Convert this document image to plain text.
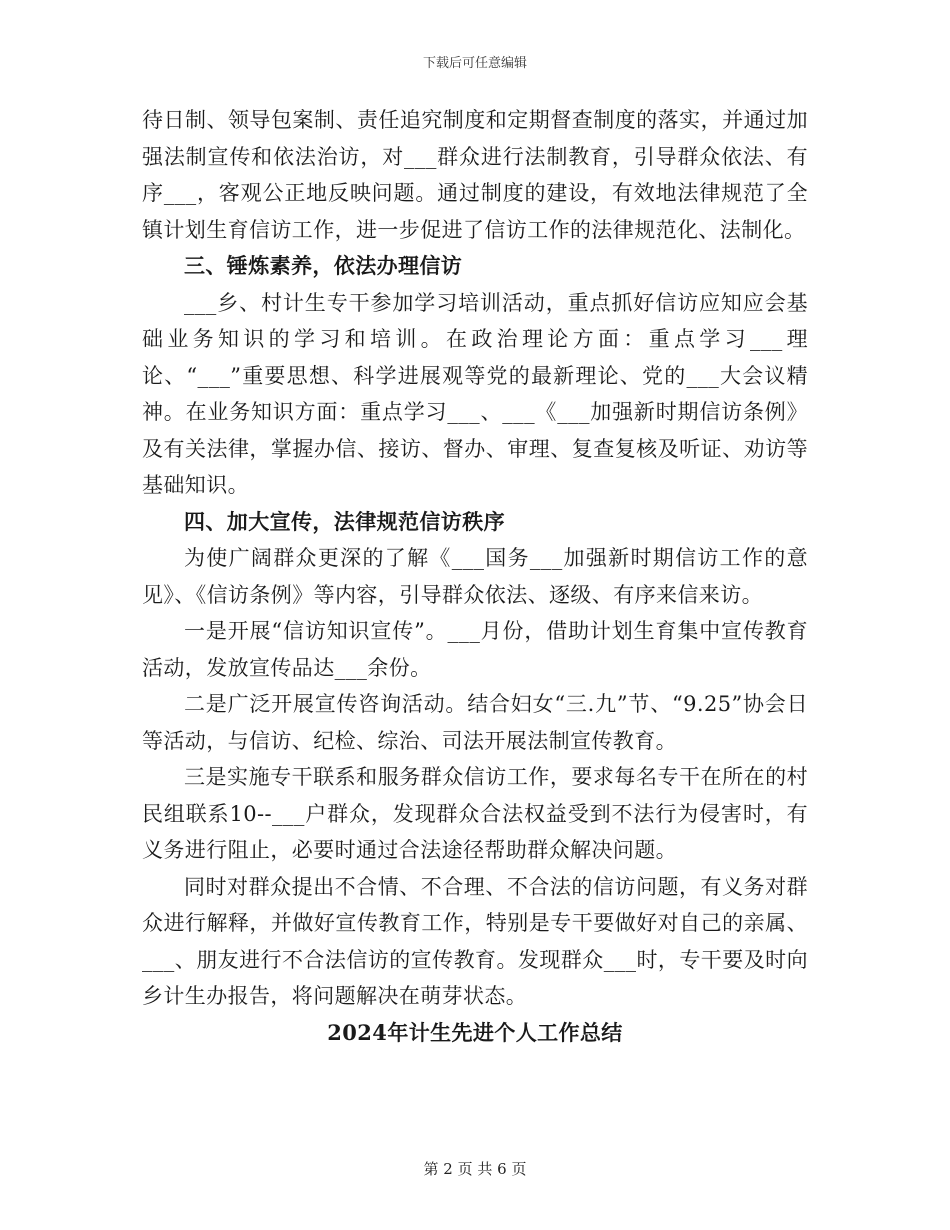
下载后可任意编辑

待日制、领导包案制、责任追究制度和定期督查制度的落实，并通过加强法制宣传和依法治访，对___群众进行法制教育，引导群众依法、有序___，客观公正地反映问题。通过制度的建设，有效地法律规范了全镇计划生育信访工作，进一步促进了信访工作的法律规范化、法制化。

三、锤炼素养，依法办理信访

___乡、村计生专干参加学习培训活动，重点抓好信访应知应会基础业务知识的学习和培训。在政治理论方面：重点学习___理论、“___”重要思想、科学进展观等党的最新理论、党的___大会议精神。在业务知识方面：重点学习___、___《___加强新时期信访条例》及有关法律，掌握办信、接访、督办、审理、复查复核及听证、劝访等基础知识。

四、加大宣传，法律规范信访秩序

为使广阔群众更深的了解《___国务___加强新时期信访工作的意见》、《信访条例》等内容，引导群众依法、逐级、有序来信来访。

一是开展“信访知识宣传”。___月份，借助计划生育集中宣传教育活动，发放宣传品达___余份。

二是广泛开展宣传咨询活动。结合妇女“三.九”节、“9.25”协会日等活动，与信访、纪检、综治、司法开展法制宣传教育。

三是实施专干联系和服务群众信访工作，要求每名专干在所在的村民组联系10--___户群众，发现群众合法权益受到不法行为侵害时，有义务进行阻止，必要时通过合法途径帮助群众解决问题。

同时对群众提出不合情、不合理、不合法的信访问题，有义务对群众进行解释，并做好宣传教育工作，特别是专干要做好对自己的亲属、___、朋友进行不合法信访的宣传教育。发现群众___时，专干要及时向乡计生办报告，将问题解决在萌芽状态。

2024年计生先进个人工作总结

第 2 页 共 6 页
